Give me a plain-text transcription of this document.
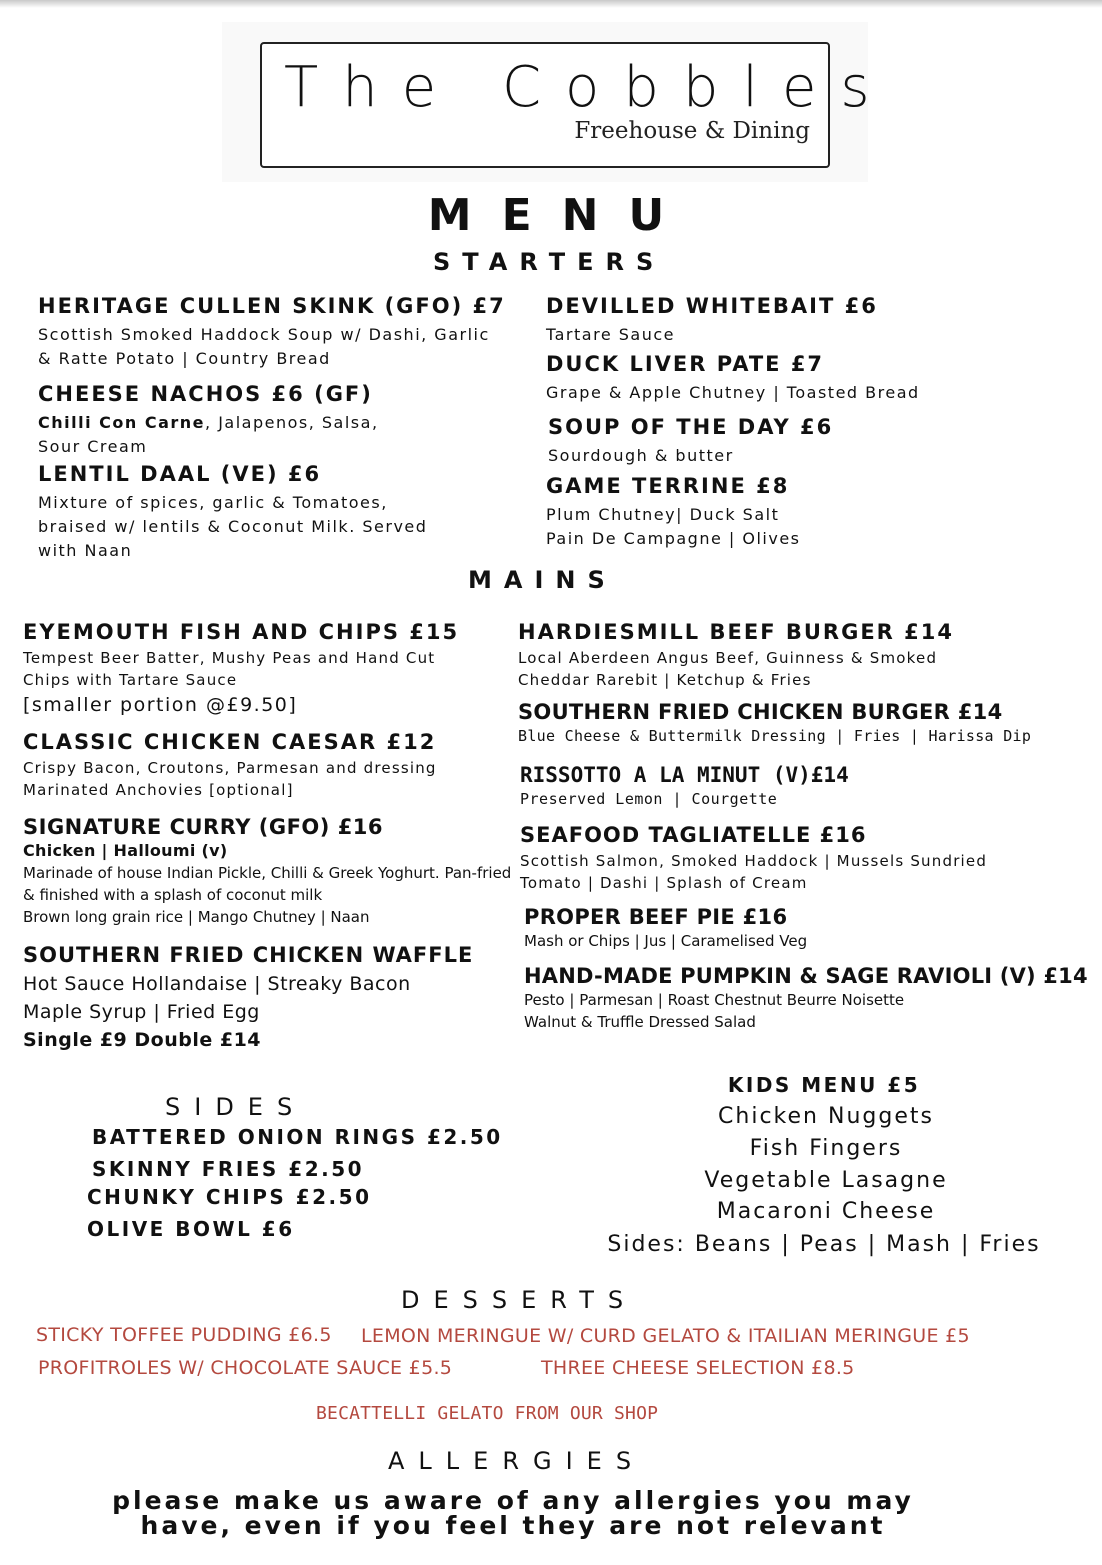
The Cobbles
Freehouse & Dining
MENU
STARTERS
HERITAGE CULLEN SKINK (GFO) £7
Scottish Smoked Haddock Soup w/ Dashi, Garlic
& Ratte Potato | Country Bread
CHEESE NACHOS £6 (GF)
Chilli Con Carne, Jalapenos, Salsa,
Sour Cream
LENTIL DAAL (VE) £6
Mixture of spices, garlic & Tomatoes,
braised w/ lentils & Coconut Milk. Served
with Naan
DEVILLED WHITEBAIT £6
Tartare Sauce
DUCK LIVER PATE £7
Grape & Apple Chutney | Toasted Bread
SOUP OF THE DAY £6
Sourdough & butter
GAME TERRINE £8
Plum Chutney| Duck Salt
Pain De Campagne | Olives
MAINS
EYEMOUTH FISH AND CHIPS £15
Tempest Beer Batter, Mushy Peas and Hand Cut
Chips with Tartare Sauce
[smaller portion @£9.50]
CLASSIC CHICKEN CAESAR £12
Crispy Bacon, Croutons, Parmesan and dressing
Marinated Anchovies [optional]
SIGNATURE CURRY (GFO) £16
Chicken | Halloumi (v)
Marinade of house Indian Pickle, Chilli & Greek Yoghurt. Pan-fried
& finished with a splash of coconut milk
Brown long grain rice | Mango Chutney | Naan
SOUTHERN FRIED CHICKEN WAFFLE
Hot Sauce Hollandaise | Streaky Bacon
Maple Syrup | Fried Egg
Single £9 Double £14
HARDIESMILL BEEF BURGER £14
Local Aberdeen Angus Beef, Guinness & Smoked
Cheddar Rarebit | Ketchup & Fries
SOUTHERN FRIED CHICKEN BURGER £14
Blue Cheese & Buttermilk Dressing | Fries | Harissa Dip
RISSOTTO A LA MINUT (V)£14
Preserved Lemon | Courgette
SEAFOOD TAGLIATELLE £16
Scottish Salmon, Smoked Haddock | Mussels Sundried
Tomato | Dashi | Splash of Cream
PROPER BEEF PIE £16
Mash or Chips | Jus | Caramelised Veg
HAND-MADE PUMPKIN & SAGE RAVIOLI (V) £14
Pesto | Parmesan | Roast Chestnut Beurre Noisette
Walnut & Truffle Dressed Salad
SIDES
BATTERED ONION RINGS £2.50
SKINNY FRIES £2.50
CHUNKY CHIPS £2.50
OLIVE BOWL £6
KIDS MENU £5
Chicken Nuggets
Fish Fingers
Vegetable Lasagne
Macaroni Cheese
Sides: Beans | Peas | Mash | Fries
DESSERTS
STICKY TOFFEE PUDDING £6.5 LEMON MERINGUE W/ CURD GELATO & ITAILIAN MERINGUE £5
PROFITROLES W/ CHOCOLATE SAUCE £5.5	THREE CHEESE SELECTION £8.5
BECATTELLI GELATO FROM OUR SHOP
ALLERGIES
please make us aware of any allergies you may
have, even if you feel they are not relevant
